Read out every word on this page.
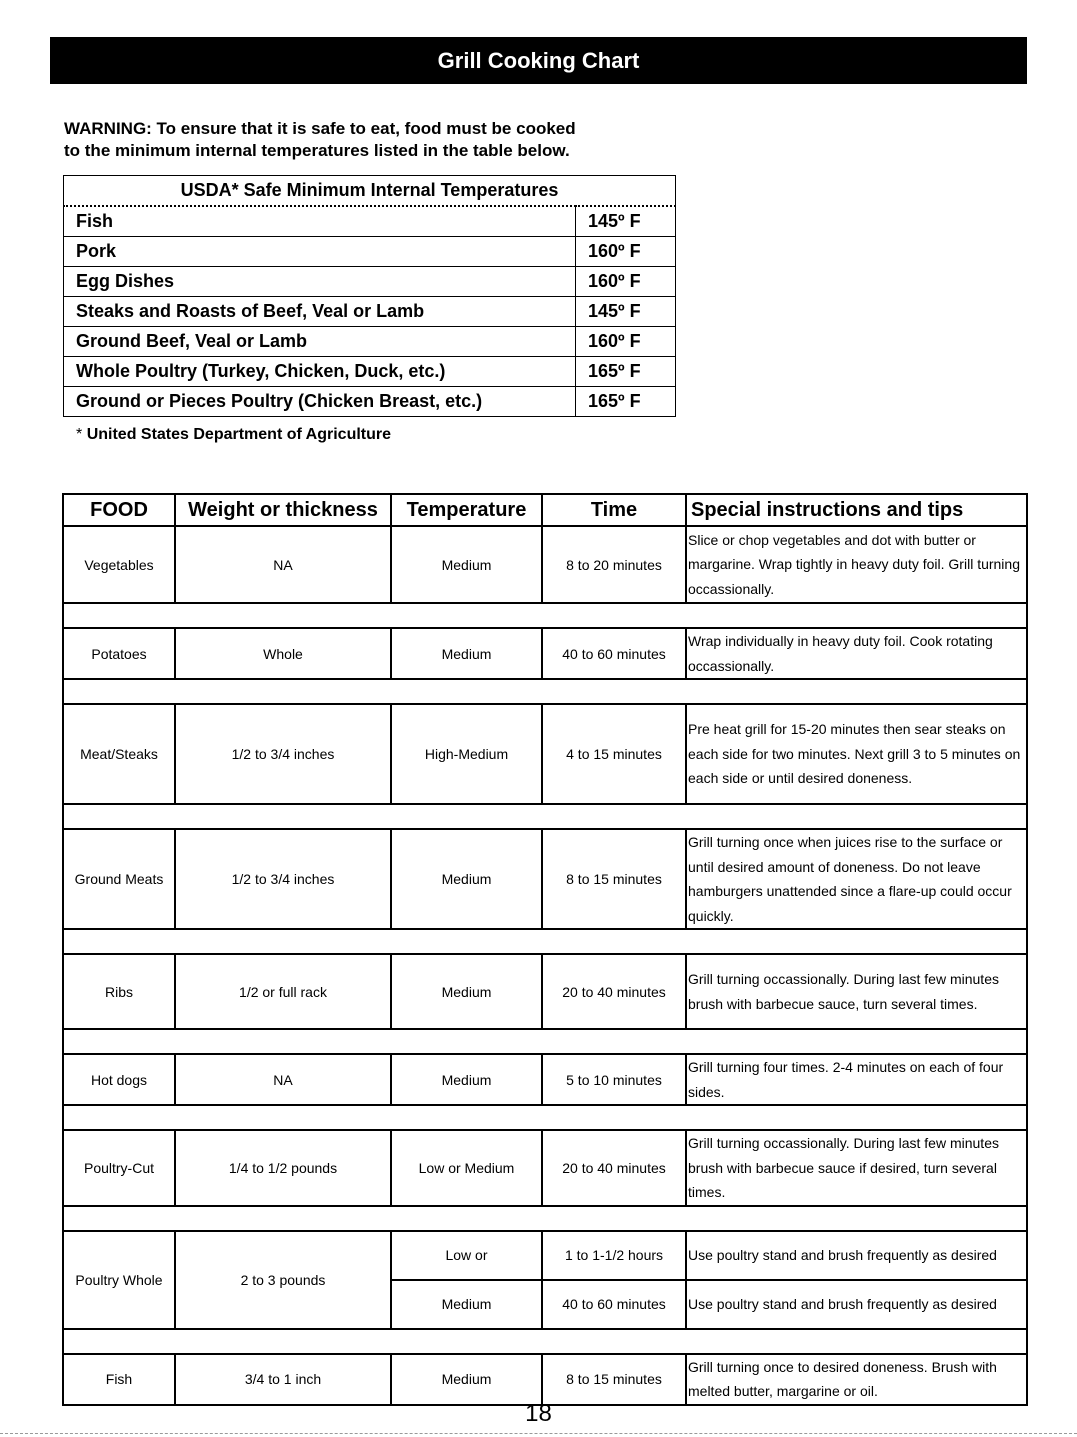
Grill Cooking Chart
WARNING: To ensure that it is safe to eat, food must be cooked
to the minimum internal temperatures listed in the table below.
USDA* Safe Minimum Internal Temperatures	
Fish	145º F
Pork	160º F
Egg Dishes	160º F
Steaks and Roasts of Beef, Veal or Lamb	145º F
Ground Beef, Veal or Lamb	160º F
Whole Poultry (Turkey, Chicken, Duck, etc.)	165º F
Ground or Pieces Poultry (Chicken Breast, etc.)	165º F
* United States Department of Agriculture
FOOD	Weight or thickness	Temperature	Time	Special instructions and tips
Vegetables	NA	Medium	8 to 20 minutes	Slice or chop vegetables and dot with butter or margarine. Wrap tightly in heavy duty foil. Grill turning occassionally.

Potatoes	Whole	Medium	40 to 60 minutes	Wrap individually in heavy duty foil. Cook rotating occassionally.

Meat/Steaks	1/2 to 3/4 inches	High-Medium	4 to 15 minutes	Pre heat grill for 15-20 minutes then sear steaks on each side for two minutes. Next grill 3 to 5 minutes on each side or until desired doneness.

Ground Meats	1/2 to 3/4 inches	Medium	8 to 15 minutes	Grill turning once when juices rise to the surface or until desired amount of doneness. Do not leave hamburgers unattended since a flare-up could occur quickly.

Ribs	1/2 or full rack	Medium	20 to 40 minutes	Grill turning occassionally. During last few minutes brush with barbecue sauce, turn several times.

Hot dogs	NA	Medium	5 to 10 minutes	Grill turning four times. 2-4 minutes on each of four sides.

Poultry-Cut	1/4 to 1/2 pounds	Low or Medium	20 to 40 minutes	Grill turning occassionally. During last few minutes brush with barbecue sauce if desired, turn several times.

Poultry Whole	2 to 3 pounds	Low or	1 to 1-1/2 hours	Use poultry stand and brush frequently as desired
		Medium	40 to 60 minutes	Use poultry stand and brush frequently as desired

Fish	3/4 to 1 inch	Medium	8 to 15 minutes	Grill turning once to desired doneness. Brush with melted butter, margarine or oil.
18
